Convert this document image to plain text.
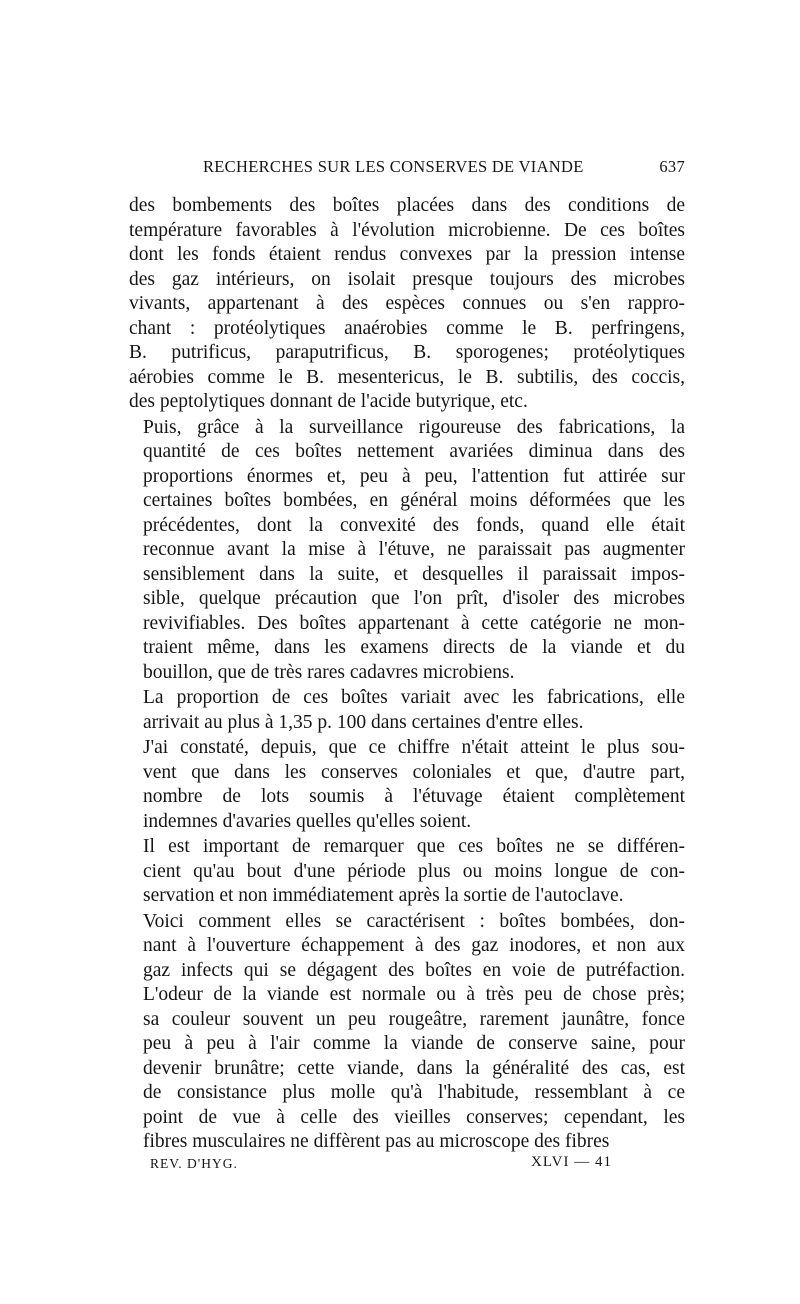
RECHERCHES SUR LES CONSERVES DE VIANDE	637

des bombements des boîtes placées dans des conditions de
température favorables à l'évolution microbienne. De ces boîtes
dont les fonds étaient rendus convexes par la pression intense
des gaz intérieurs, on isolait presque toujours des microbes
vivants, appartenant à des espèces connues ou s'en rappro-
chant : protéolytiques anaérobies comme le B. perfringens,
B. putrificus, paraputrificus, B. sporogenes; protéolytiques
aérobies comme le B. mesentericus, le B. subtilis, des coccis,
des peptolytiques donnant de l'acide butyrique, etc.

Puis, grâce à la surveillance rigoureuse des fabrications, la
quantité de ces boîtes nettement avariées diminua dans des
proportions énormes et, peu à peu, l'attention fut attirée sur
certaines boîtes bombées, en général moins déformées que les
précédentes, dont la convexité des fonds, quand elle était
reconnue avant la mise à l'étuve, ne paraissait pas augmenter
sensiblement dans la suite, et desquelles il paraissait impos-
sible, quelque précaution que l'on prît, d'isoler des microbes
revivifiables. Des boîtes appartenant à cette catégorie ne mon-
traient même, dans les examens directs de la viande et du
bouillon, que de très rares cadavres microbiens.

La proportion de ces boîtes variait avec les fabrications, elle
arrivait au plus à 1,35 p. 100 dans certaines d'entre elles.

J'ai constaté, depuis, que ce chiffre n'était atteint le plus sou-
vent que dans les conserves coloniales et que, d'autre part,
nombre de lots soumis à l'étuvage étaient complètement
indemnes d'avaries quelles qu'elles soient.

Il est important de remarquer que ces boîtes ne se différen-
cient qu'au bout d'une période plus ou moins longue de con-
servation et non immédiatement après la sortie de l'autoclave.

Voici comment elles se caractérisent : boîtes bombées, don-
nant à l'ouverture échappement à des gaz inodores, et non aux
gaz infects qui se dégagent des boîtes en voie de putréfaction.
L'odeur de la viande est normale ou à très peu de chose près;
sa couleur souvent un peu rougeâtre, rarement jaunâtre, fonce
peu à peu à l'air comme la viande de conserve saine, pour
devenir brunâtre; cette viande, dans la généralité des cas, est
de consistance plus molle qu'à l'habitude, ressemblant à ce
point de vue à celle des vieilles conserves; cependant, les
fibres musculaires ne diffèrent pas au microscope des fibres

REV. D'HYG.	XLVI — 41
